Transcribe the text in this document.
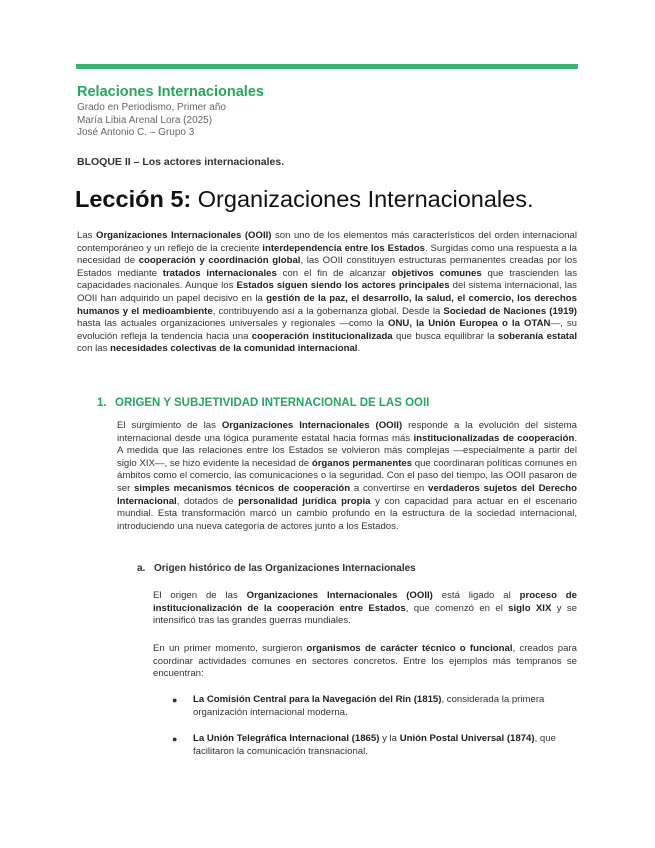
Relaciones Internacionales
Grado en Periodismo, Primer año
María Libia Arenal Lora (2025)
José Antonio C. – Grupo 3
BLOQUE II – Los actores internacionales.
Lección 5: Organizaciones Internacionales.

Las Organizaciones Internacionales (OOII) son uno de los elementos más característicos del orden internacional contemporáneo y un reflejo de la creciente interdependencia entre los Estados. Surgidas como una respuesta a la necesidad de cooperación y coordinación global, las OOII constituyen estructuras permanentes creadas por los Estados mediante tratados internacionales con el fin de alcanzar objetivos comunes que trascienden las capacidades nacionales. Aunque los Estados siguen siendo los actores principales del sistema internacional, las OOII han adquirido un papel decisivo en la gestión de la paz, el desarrollo, la salud, el comercio, los derechos humanos y el medioambiente, contribuyendo así a la gobernanza global. Desde la Sociedad de Naciones (1919) hasta las actuales organizaciones universales y regionales —como la ONU, la Unión Europea o la OTAN—, su evolución refleja la tendencia hacia una cooperación institucionalizada que busca equilibrar la soberanía estatal con las necesidades colectivas de la comunidad internacional.

1. ORIGEN Y SUBJETIVIDAD INTERNACIONAL DE LAS OOII

El surgimiento de las Organizaciones Internacionales (OOII) responde a la evolución del sistema internacional desde una lógica puramente estatal hacia formas más institucionalizadas de cooperación. A medida que las relaciones entre los Estados se volvieron más complejas —especialmente a partir del siglo XIX—, se hizo evidente la necesidad de órganos permanentes que coordinaran políticas comunes en ámbitos como el comercio, las comunicaciones o la seguridad. Con el paso del tiempo, las OOII pasaron de ser simples mecanismos técnicos de cooperación a convertirse en verdaderos sujetos del Derecho Internacional, dotados de personalidad jurídica propia y con capacidad para actuar en el escenario mundial. Esta transformación marcó un cambio profundo en la estructura de la sociedad internacional, introduciendo una nueva categoría de actores junto a los Estados.

a. Origen histórico de las Organizaciones Internacionales

El origen de las Organizaciones Internacionales (OOII) está ligado al proceso de institucionalización de la cooperación entre Estados, que comenzó en el siglo XIX y se intensificó tras las grandes guerras mundiales.

En un primer momento, surgieron organismos de carácter técnico o funcional, creados para coordinar actividades comunes en sectores concretos. Entre los ejemplos más tempranos se encuentran:

● La Comisión Central para la Navegación del Rin (1815), considerada la primera organización internacional moderna.
● La Unión Telegráfica Internacional (1865) y la Unión Postal Universal (1874), que facilitaron la comunicación transnacional.
